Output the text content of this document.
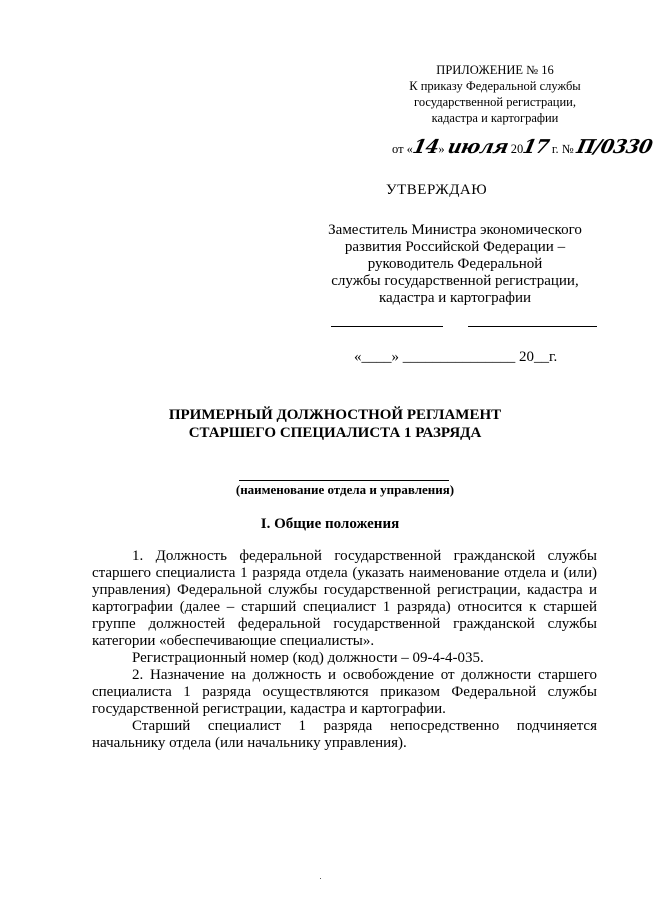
ПРИЛОЖЕНИЕ № 16
К приказу Федеральной службы
государственной регистрации,
кадастра и картографии
от «14» июля 2017 г. № П/0330
УТВЕРЖДАЮ
Заместитель Министра экономического
развития Российской Федерации –
руководитель Федеральной
службы государственной регистрации,
кадастра и картографии
«____» _______________ 20__г.
ПРИМЕРНЫЙ ДОЛЖНОСТНОЙ РЕГЛАМЕНТ
СТАРШЕГО СПЕЦИАЛИСТА 1 РАЗРЯДА
(наименование отдела и управления)
I. Общие положения

1. Должность федеральной государственной гражданской службы старшего специалиста 1 разряда отдела (указать наименование отдела и (или) управления) Федеральной службы государственной регистрации, кадастра и картографии (далее – старший специалист 1 разряда) относится к старшей группе должностей федеральной государственной гражданской службы категории «обеспечивающие специалисты».

Регистрационный номер (код) должности – 09-4-4-035.

2. Назначение на должность и освобождение от должности старшего специалиста 1 разряда осуществляются приказом Федеральной службы государственной регистрации, кадастра и картографии.

Старший специалист 1 разряда непосредственно подчиняется начальнику отдела (или начальнику управления).
